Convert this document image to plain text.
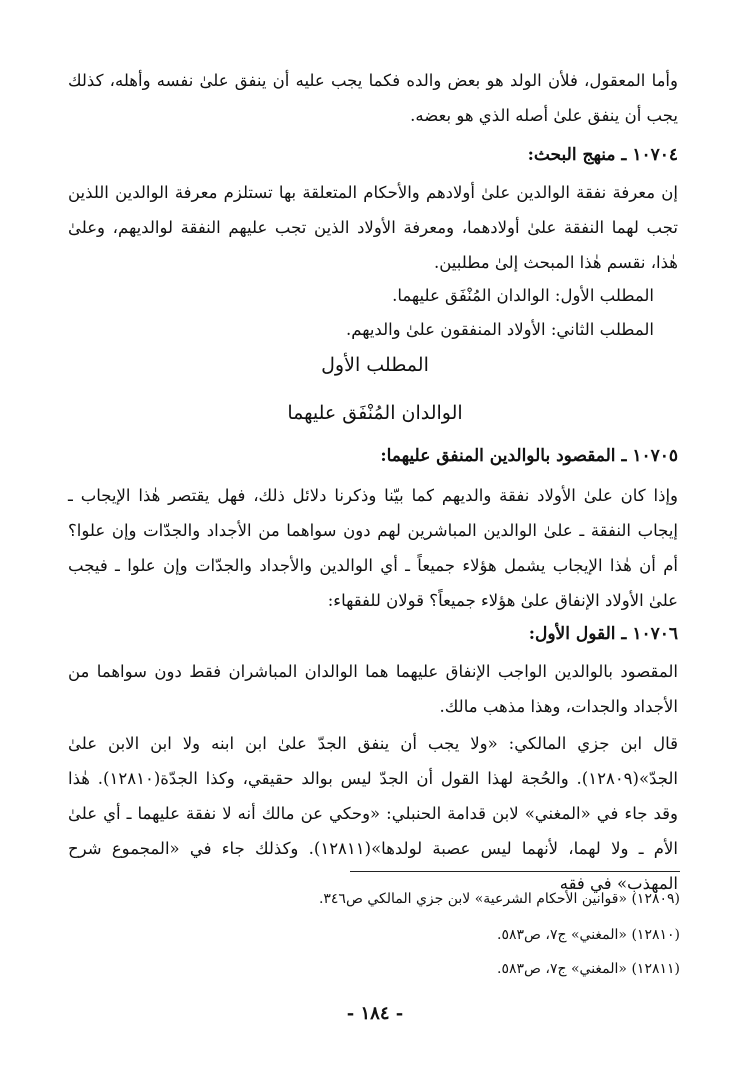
وأما المعقول، فلأن الولد هو بعض والده فكما يجب عليه أن ينفق علىٰ نفسه وأهله، كذلك يجب أن ينفق علىٰ أصله الذي هو بعضه.

١٠٧٠٤ ـ منهج البحث:

إن معرفة نفقة الوالدين علىٰ أولادهم والأحكام المتعلقة بها تستلزم معرفة الوالدين اللذين تجب لهما النفقة علىٰ أولادهما، ومعرفة الأولاد الذين تجب عليهم النفقة لوالديهم، وعلىٰ هٰذا، نقسم هٰذا المبحث إلىٰ مطلبين.

المطلب الأول: الوالدان المُنْفَق عليهما.

المطلب الثاني: الأولاد المنفقون علىٰ والديهم.

المطلب الأول
الوالدان المُنْفَق عليهما

١٠٧٠٥ ـ المقصود بالوالدين المنفق عليهما:

وإذا كان علىٰ الأولاد نفقة والديهم كما بيّنا وذكرنا دلائل ذلك، فهل يقتصر هٰذا الإيجاب ـ إيجاب النفقة ـ علىٰ الوالدين المباشرين لهم دون سواهما من الأجداد والجدّات وإن علوا؟ أم أن هٰذا الإيجاب يشمل هؤلاء جميعاً ـ أي الوالدين والأجداد والجدّات وإن علوا ـ فيجب علىٰ الأولاد الإنفاق علىٰ هؤلاء جميعاً؟ قولان للفقهاء:

١٠٧٠٦ ـ القول الأول:

المقصود بالوالدين الواجب الإنفاق عليهما هما الوالدان المباشران فقط دون سواهما من الأجداد والجدات، وهذا مذهب مالك.

قال ابن جزي المالكي: «ولا يجب أن ينفق الجدّ علىٰ ابن ابنه ولا ابن الابن علىٰ الجدّ»(١٢٨٠٩). والحُجة لهذا القول أن الجدّ ليس بوالد حقيقي، وكذا الجدّة(١٢٨١٠). هٰذا وقد جاء في «المغني» لابن قدامة الحنبلي: «وحكي عن مالك أنه لا نفقة عليهما ـ أي علىٰ الأم ـ ولا لهما، لأنهما ليس عصبة لولدها»(١٢٨١١). وكذلك جاء في «المجموع شرح المهذب» في فقه

(١٢٨٠٩) «قوانين الأحكام الشرعية» لابن جزي المالكي ص٣٤٦.

(١٢٨١٠) «المغني» ج٧، ص٥٨٣.

(١٢٨١١) «المغني» ج٧، ص٥٨٣.

- ١٨٤ -
